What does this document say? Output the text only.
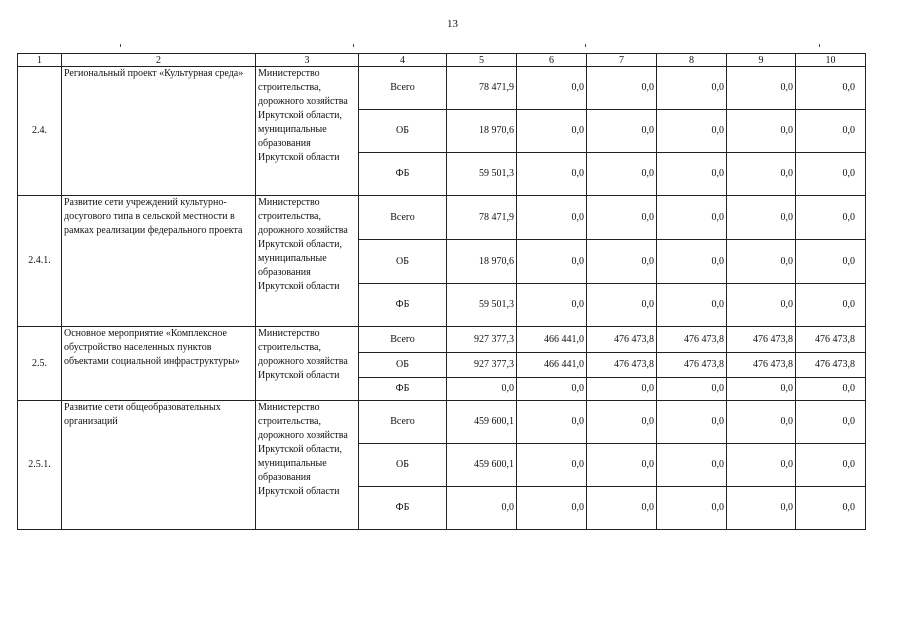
13
1	2	3	4	5	6	7	8	9	10
2.4.	Региональный проект «Культурная среда»	Министерство строительства, дорожного хозяйства Иркутской области, муниципальные образования Иркутской области	Всего	78 471,9	0,0	0,0	0,0	0,0	0,0
			ОБ	18 970,6	0,0	0,0	0,0	0,0	0,0
			ФБ	59 501,3	0,0	0,0	0,0	0,0	0,0
2.4.1.	Развитие сети учреждений культурно-досугового типа в сельской местности в рамках реализации федерального проекта	Министерство строительства, дорожного хозяйства Иркутской области, муниципальные образования Иркутской области	Всего	78 471,9	0,0	0,0	0,0	0,0	0,0
			ОБ	18 970,6	0,0	0,0	0,0	0,0	0,0
			ФБ	59 501,3	0,0	0,0	0,0	0,0	0,0
2.5.	Основное мероприятие «Комплексное обустройство населенных пунктов объектами социальной инфраструктуры»	Министерство строительства, дорожного хозяйства Иркутской области	Всего	927 377,3	466 441,0	476 473,8	476 473,8	476 473,8	476 473,8
			ОБ	927 377,3	466 441,0	476 473,8	476 473,8	476 473,8	476 473,8
			ФБ	0,0	0,0	0,0	0,0	0,0	0,0
2.5.1.	Развитие сети общеобразовательных организаций	Министерство строительства, дорожного хозяйства Иркутской области, муниципальные образования Иркутской области	Всего	459 600,1	0,0	0,0	0,0	0,0	0,0
			ОБ	459 600,1	0,0	0,0	0,0	0,0	0,0
			ФБ	0,0	0,0	0,0	0,0	0,0	0,0
